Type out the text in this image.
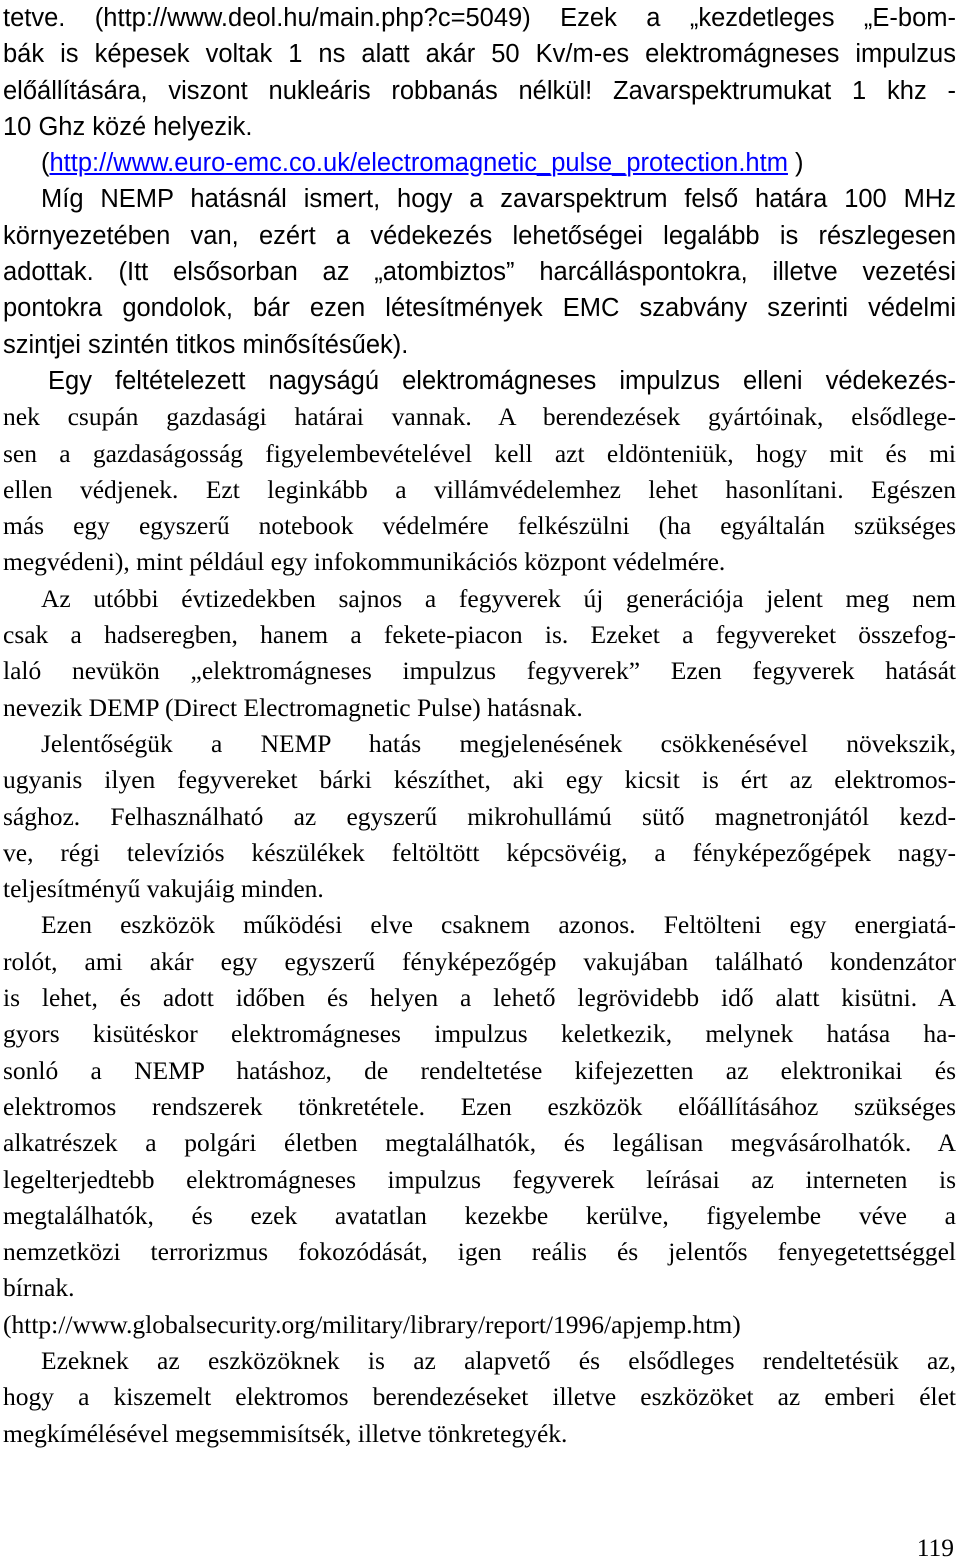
tetve. (http://www.deol.hu/main.php?c=5049) Ezek a „kezdetleges „E-bom-
bák is képesek voltak 1 ns alatt akár 50 Kv/m-es elektromágneses impulzus
előállítására, viszont nukleáris robbanás nélkül! Zavarspektrumukat 1 khz -
10 Ghz közé helyezik.
(http://www.euro-emc.co.uk/electromagnetic_pulse_protection.htm )
Míg NEMP hatásnál ismert, hogy a zavarspektrum felső határa 100 MHz
környezetében van, ezért a védekezés lehetőségei legalább is részlegesen
adottak. (Itt elsősorban az „atombiztos” harcálláspontokra, illetve vezetési
pontokra gondolok, bár ezen létesítmények EMC szabvány szerinti védelmi
szintjei szintén titkos minősítésűek).
Egy feltételezett nagyságú elektromágneses impulzus elleni védekezés-
nek csupán gazdasági határai vannak. A berendezések gyártóinak, elsődlege-
sen a gazdaságosság figyelembevételével kell azt eldönteniük, hogy mit és mi
ellen védjenek. Ezt leginkább a villámvédelemhez lehet hasonlítani. Egészen
más egy egyszerű notebook védelmére felkészülni (ha egyáltalán szükséges
megvédeni), mint például egy infokommunikációs központ védelmére.
Az utóbbi évtizedekben sajnos a fegyverek új generációja jelent meg nem
csak a hadseregben, hanem a fekete-piacon is. Ezeket a fegyvereket összefog-
laló nevükön „elektromágneses impulzus fegyverek” Ezen fegyverek hatását
nevezik DEMP (Direct Electromagnetic Pulse) hatásnak.
Jelentőségük a NEMP hatás megjelenésének csökkenésével növekszik,
ugyanis ilyen fegyvereket bárki készíthet, aki egy kicsit is ért az elektromos-
sághoz. Felhasználható az egyszerű mikrohullámú sütő magnetronjától kezd-
ve, régi televíziós készülékek feltöltött képcsövéig, a fényképezőgépek nagy-
teljesítményű vakujáig minden.
Ezen eszközök működési elve csaknem azonos. Feltölteni egy energiatá-
rolót, ami akár egy egyszerű fényképezőgép vakujában található kondenzátor
is lehet, és adott időben és helyen a lehető legrövidebb idő alatt kisütni. A
gyors kisütéskor elektromágneses impulzus keletkezik, melynek hatása ha-
sonló a NEMP hatáshoz, de rendeltetése kifejezetten az elektronikai és
elektromos rendszerek tönkretétele. Ezen eszközök előállításához szükséges
alkatrészek a polgári életben megtalálhatók, és legálisan megvásárolhatók. A
legelterjedtebb elektromágneses impulzus fegyverek leírásai az interneten is
megtalálhatók, és ezek avatatlan kezekbe kerülve, figyelembe véve a
nemzetközi terrorizmus fokozódását, igen reális és jelentős fenyegetettséggel
bírnak.
(http://www.globalsecurity.org/military/library/report/1996/apjemp.htm)
Ezeknek az eszközöknek is az alapvető és elsődleges rendeltetésük az,
hogy a kiszemelt elektromos berendezéseket illetve eszközöket az emberi élet
megkímélésével megsemmisítsék, illetve tönkretegyék.
119
